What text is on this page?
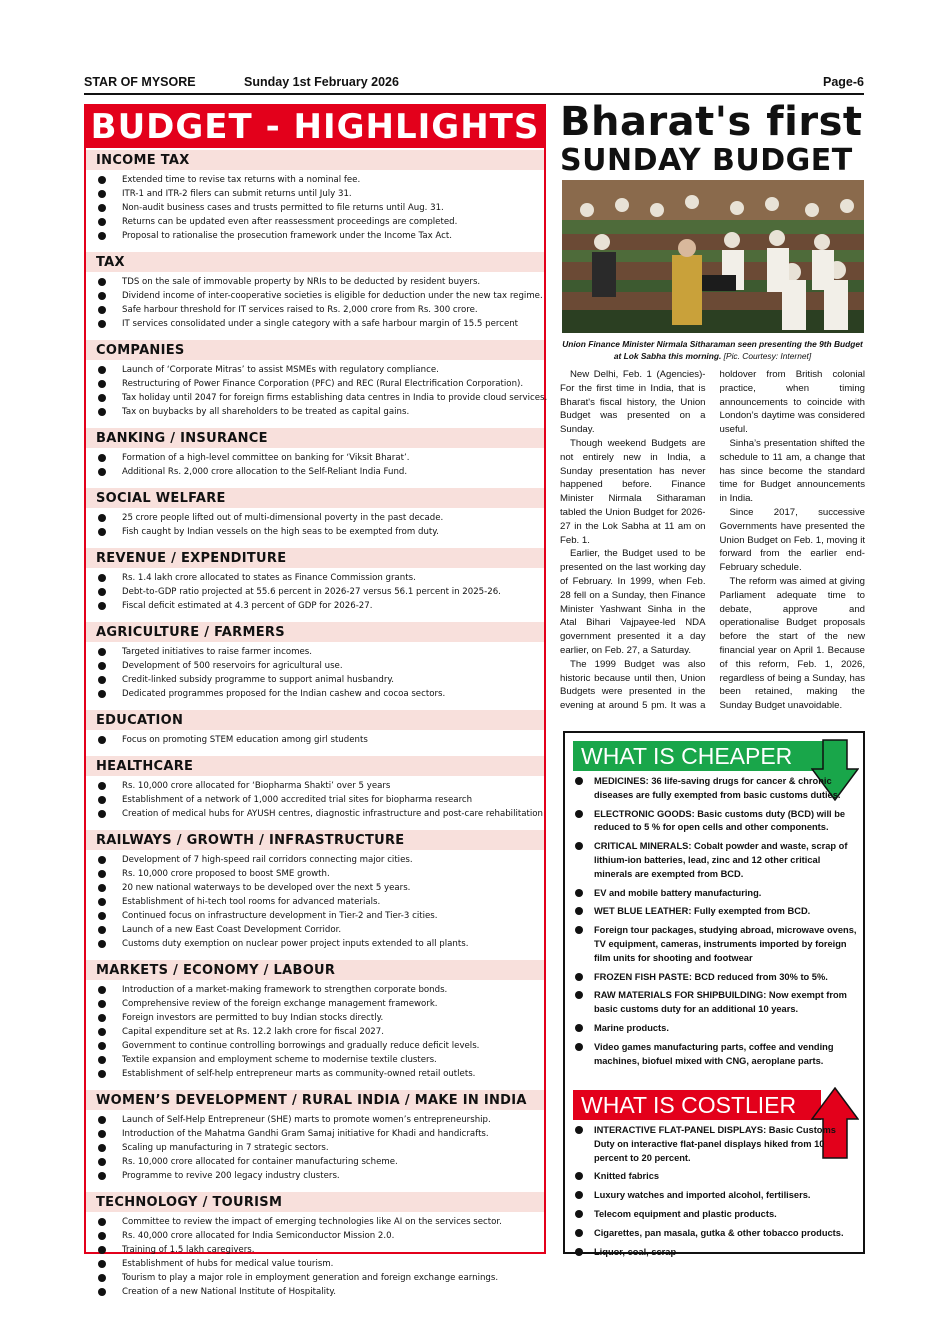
STAR OF MYSORE	Sunday 1st February 2026	Page-6
BUDGET - HIGHLIGHTS
INCOME TAX
Extended time to revise tax returns with a nominal fee.
ITR-1 and ITR-2 filers can submit returns until July 31.
Non-audit business cases and trusts permitted to file returns until Aug. 31.
Returns can be updated even after reassessment proceedings are completed.
Proposal to rationalise the prosecution framework under the Income Tax Act.
TAX
TDS on the sale of immovable property by NRIs to be deducted by resident buyers.
Dividend income of inter-cooperative societies is eligible for deduction under the new tax regime.
Safe harbour threshold for IT services raised to Rs. 2,000 crore from Rs. 300 crore.
IT services consolidated under a single category with a safe harbour margin of 15.5 percent
COMPANIES
Launch of ‘Corporate Mitras’ to assist MSMEs with regulatory compliance.
Restructuring of Power Finance Corporation (PFC) and REC (Rural Electrification Corporation).
Tax holiday until 2047 for foreign firms establishing data centres in India to provide cloud services.
Tax on buybacks by all shareholders to be treated as capital gains.
BANKING / INSURANCE
Formation of a high-level committee on banking for ‘Viksit Bharat’.
Additional Rs. 2,000 crore allocation to the Self-Reliant India Fund.
SOCIAL WELFARE
25 crore people lifted out of multi-dimensional poverty in the past decade.
Fish caught by Indian vessels on the high seas to be exempted from duty.
REVENUE / EXPENDITURE
Rs. 1.4 lakh crore allocated to states as Finance Commission grants.
Debt-to-GDP ratio projected at 55.6 percent in 2026-27 versus 56.1 percent in 2025-26.
Fiscal deficit estimated at 4.3 percent of GDP for 2026-27.
AGRICULTURE / FARMERS
Targeted initiatives to raise farmer incomes.
Development of 500 reservoirs for agricultural use.
Credit-linked subsidy programme to support animal husbandry.
Dedicated programmes proposed for the Indian cashew and cocoa sectors.
EDUCATION
Focus on promoting STEM education among girl students
HEALTHCARE
Rs. 10,000 crore allocated for ‘Biopharma Shakti’ over 5 years
Establishment of a network of 1,000 accredited trial sites for biopharma research
Creation of medical hubs for AYUSH centres, diagnostic infrastructure and post-care rehabilitation
RAILWAYS / GROWTH / INFRASTRUCTURE
Development of 7 high-speed rail corridors connecting major cities.
Rs. 10,000 crore proposed to boost SME growth.
20 new national waterways to be developed over the next 5 years.
Establishment of hi-tech tool rooms for advanced materials.
Continued focus on infrastructure development in Tier-2 and Tier-3 cities.
Launch of a new East Coast Development Corridor.
Customs duty exemption on nuclear power project inputs extended to all plants.
MARKETS / ECONOMY / LABOUR
Introduction of a market-making framework to strengthen corporate bonds.
Comprehensive review of the foreign exchange management framework.
Foreign investors are permitted to buy Indian stocks directly.
Capital expenditure set at Rs. 12.2 lakh crore for fiscal 2027.
Government to continue controlling borrowings and gradually reduce deficit levels.
Textile expansion and employment scheme to modernise textile clusters.
Establishment of self-help entrepreneur marts as community-owned retail outlets.
WOMEN’S DEVELOPMENT / RURAL INDIA / MAKE IN INDIA
Launch of Self-Help Entrepreneur (SHE) marts to promote women’s entrepreneurship.
Introduction of the Mahatma Gandhi Gram Samaj initiative for Khadi and handicrafts.
Scaling up manufacturing in 7 strategic sectors.
Rs. 10,000 crore allocated for container manufacturing scheme.
Programme to revive 200 legacy industry clusters.
TECHNOLOGY / TOURISM
Committee to review the impact of emerging technologies like AI on the services sector.
Rs. 40,000 crore allocated for India Semiconductor Mission 2.0.
Training of 1.5 lakh caregivers.
Establishment of hubs for medical value tourism.
Tourism to play a major role in employment generation and foreign exchange earnings.
Creation of a new National Institute of Hospitality.
Bharat's first
SUNDAY BUDGET
Union Finance Minister Nirmala Sitharaman seen presenting the 9th Budget at Lok Sabha this morning. [Pic. Courtesy: Internet]

New Delhi, Feb. 1 (Agencies)- For the first time in India, that is Bharat's fiscal history, the Union Budget was presented on a Sunday.

Though weekend Budgets are not entirely new in India, a Sunday presentation has never happened before. Finance Minister Nirmala Sitharaman tabled the Union Budget for 2026-27 in the Lok Sabha at 11 am on Feb. 1.

Earlier, the Budget used to be presented on the last working day of February. In 1999, when Feb. 28 fell on a Sunday, then Finance Minister Yashwant Sinha in the Atal Bihari Vajpayee-led NDA government presented it a day earlier, on Feb. 27, a Saturday.

The 1999 Budget was also historic because until then, Union Budgets were presented in the evening at around 5 pm. It was a holdover from British colonial practice, when timing announcements to coincide with London’s daytime was considered useful.

Sinha’s presentation shifted the schedule to 11 am, a change that has since become the standard time for Budget announcements in India.

Since 2017, successive Governments have presented the Union Budget on Feb. 1, moving it forward from the earlier end-February schedule.

The reform was aimed at giving Parliament adequate time to debate, approve and operationalise Budget proposals before the start of the new financial year on April 1. Because of this reform, Feb. 1, 2026, regardless of being a Sunday, has been retained, making the Sunday Budget unavoidable.

WHAT IS CHEAPER
MEDICINES: 36 life-saving drugs for cancer & chronic diseases are fully exempted from basic customs duties.
ELECTRONIC GOODS: Basic customs duty (BCD) will be reduced to 5 % for open cells and other components.
CRITICAL MINERALS: Cobalt powder and waste, scrap of lithium-ion batteries, lead, zinc and 12 other critical minerals are exempted from BCD.
EV and mobile battery manufacturing.
WET BLUE LEATHER: Fully exempted from BCD.
Foreign tour packages, studying abroad, microwave ovens, TV equipment, cameras, instruments imported by foreign film units for shooting and footwear
FROZEN FISH PASTE: BCD reduced from 30% to 5%.
RAW MATERIALS FOR SHIPBUILDING: Now exempt from basic customs duty for an additional 10 years.
Marine products.
Video games manufacturing parts, coffee and vending machines, biofuel mixed with CNG, aeroplane parts.
WHAT IS COSTLIER
INTERACTIVE FLAT-PANEL DISPLAYS: Basic Customs Duty on interactive flat-panel displays hiked from 10 percent to 20 percent.
Knitted fabrics
Luxury watches and imported alcohol, fertilisers.
Telecom equipment and plastic products.
Cigarettes, pan masala, gutka & other tobacco products.
Liquor, coal, scrap
